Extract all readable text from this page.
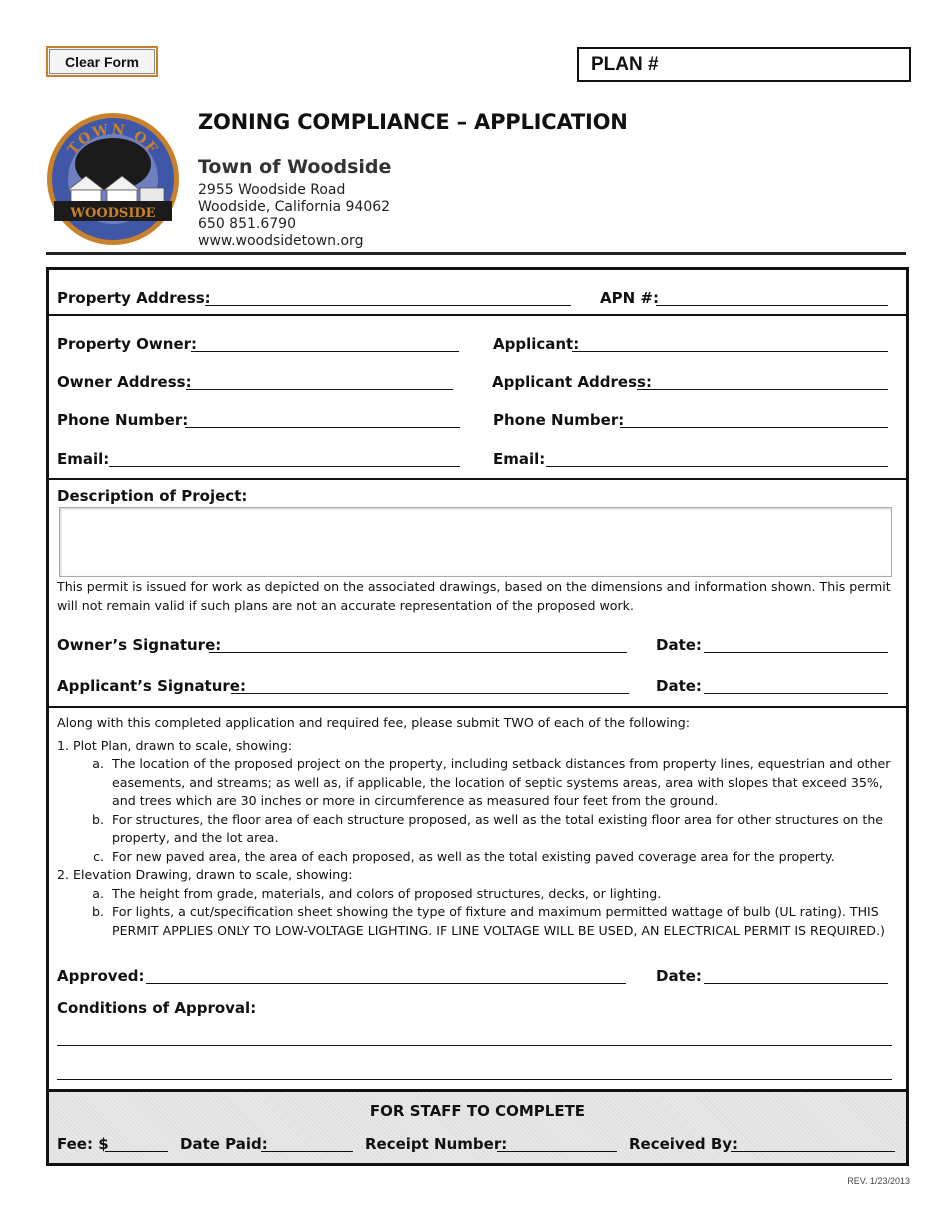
Clear Form	PLAN #
WOODSIDE
TOWN OF
ZONING COMPLIANCE – APPLICATION
Town of Woodside
2955 Woodside Road
Woodside, California 94062
650 851.6790
www.woodsidetown.org
Property Address:	APN #:
Property Owner:	Applicant:
Owner Address:	Applicant Address:
Phone Number:	Phone Number:
Email:	Email:
Description of Project:
This permit is issued for work as depicted on the associated drawings, based on the dimensions and information shown. This permit
will not remain valid if such plans are not an accurate representation of the proposed work.
Owner’s Signature:	Date:
Applicant’s Signature:	Date:
Along with this completed application and required fee, please submit TWO of each of the following:
1. Plot Plan, drawn to scale, showing:
a. The location of the proposed project on the property, including setback distances from property lines, equestrian and other easements, and streams; as well as, if applicable, the location of septic systems areas, area with slopes that exceed 35%, and trees which are 30 inches or more in circumference as measured four feet from the ground.
b. For structures, the floor area of each structure proposed, as well as the total existing floor area for other structures on the property, and the lot area.
c. For new paved area, the area of each proposed, as well as the total existing paved coverage area for the property.
2. Elevation Drawing, drawn to scale, showing:
a. The height from grade, materials, and colors of proposed structures, decks, or lighting.
b. For lights, a cut/specification sheet showing the type of fixture and maximum permitted wattage of bulb (UL rating). THIS PERMIT APPLIES ONLY TO LOW-VOLTAGE LIGHTING. IF LINE VOLTAGE WILL BE USED, AN ELECTRICAL PERMIT IS REQUIRED.)
Approved:	Date:
Conditions of Approval:
FOR STAFF TO COMPLETE
Fee: $	Date Paid:	Receipt Number:	Received By:
REV. 1/23/2013
